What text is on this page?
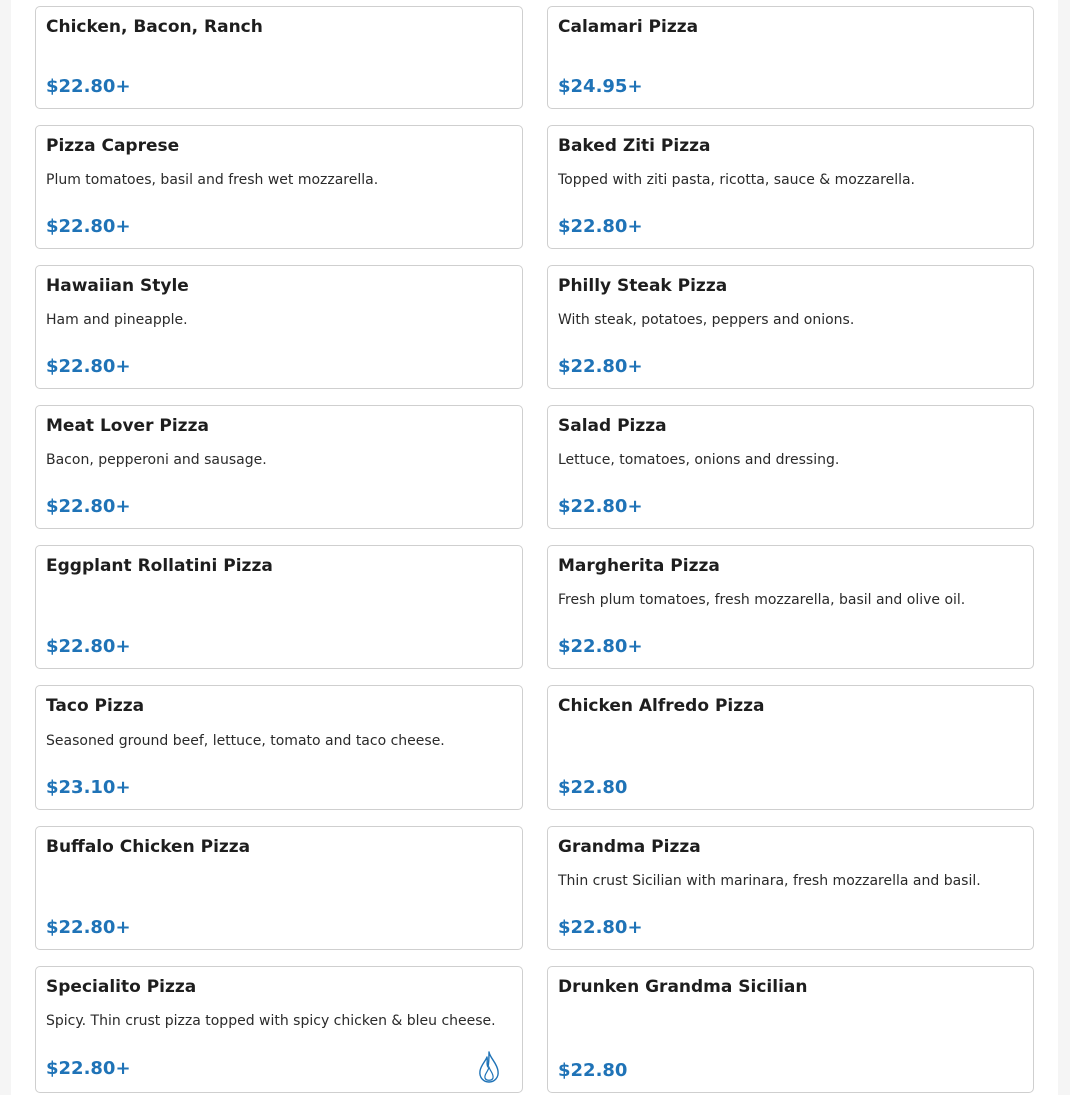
Chicken, Bacon, Ranch
$22.80+
Calamari Pizza
$24.95+
Pizza Caprese
Plum tomatoes, basil and fresh wet mozzarella.
$22.80+
Baked Ziti Pizza
Topped with ziti pasta, ricotta, sauce & mozzarella.
$22.80+
Hawaiian Style
Ham and pineapple.
$22.80+
Philly Steak Pizza
With steak, potatoes, peppers and onions.
$22.80+
Meat Lover Pizza
Bacon, pepperoni and sausage.
$22.80+
Salad Pizza
Lettuce, tomatoes, onions and dressing.
$22.80+
Eggplant Rollatini Pizza
$22.80+
Margherita Pizza
Fresh plum tomatoes, fresh mozzarella, basil and olive oil.
$22.80+
Taco Pizza
Seasoned ground beef, lettuce, tomato and taco cheese.
$23.10+
Chicken Alfredo Pizza
$22.80
Buffalo Chicken Pizza
$22.80+
Grandma Pizza
Thin crust Sicilian with marinara, fresh mozzarella and basil.
$22.80+
Specialito Pizza
Spicy. Thin crust pizza topped with spicy chicken & bleu cheese.
$22.80+
Drunken Grandma Sicilian
$22.80
